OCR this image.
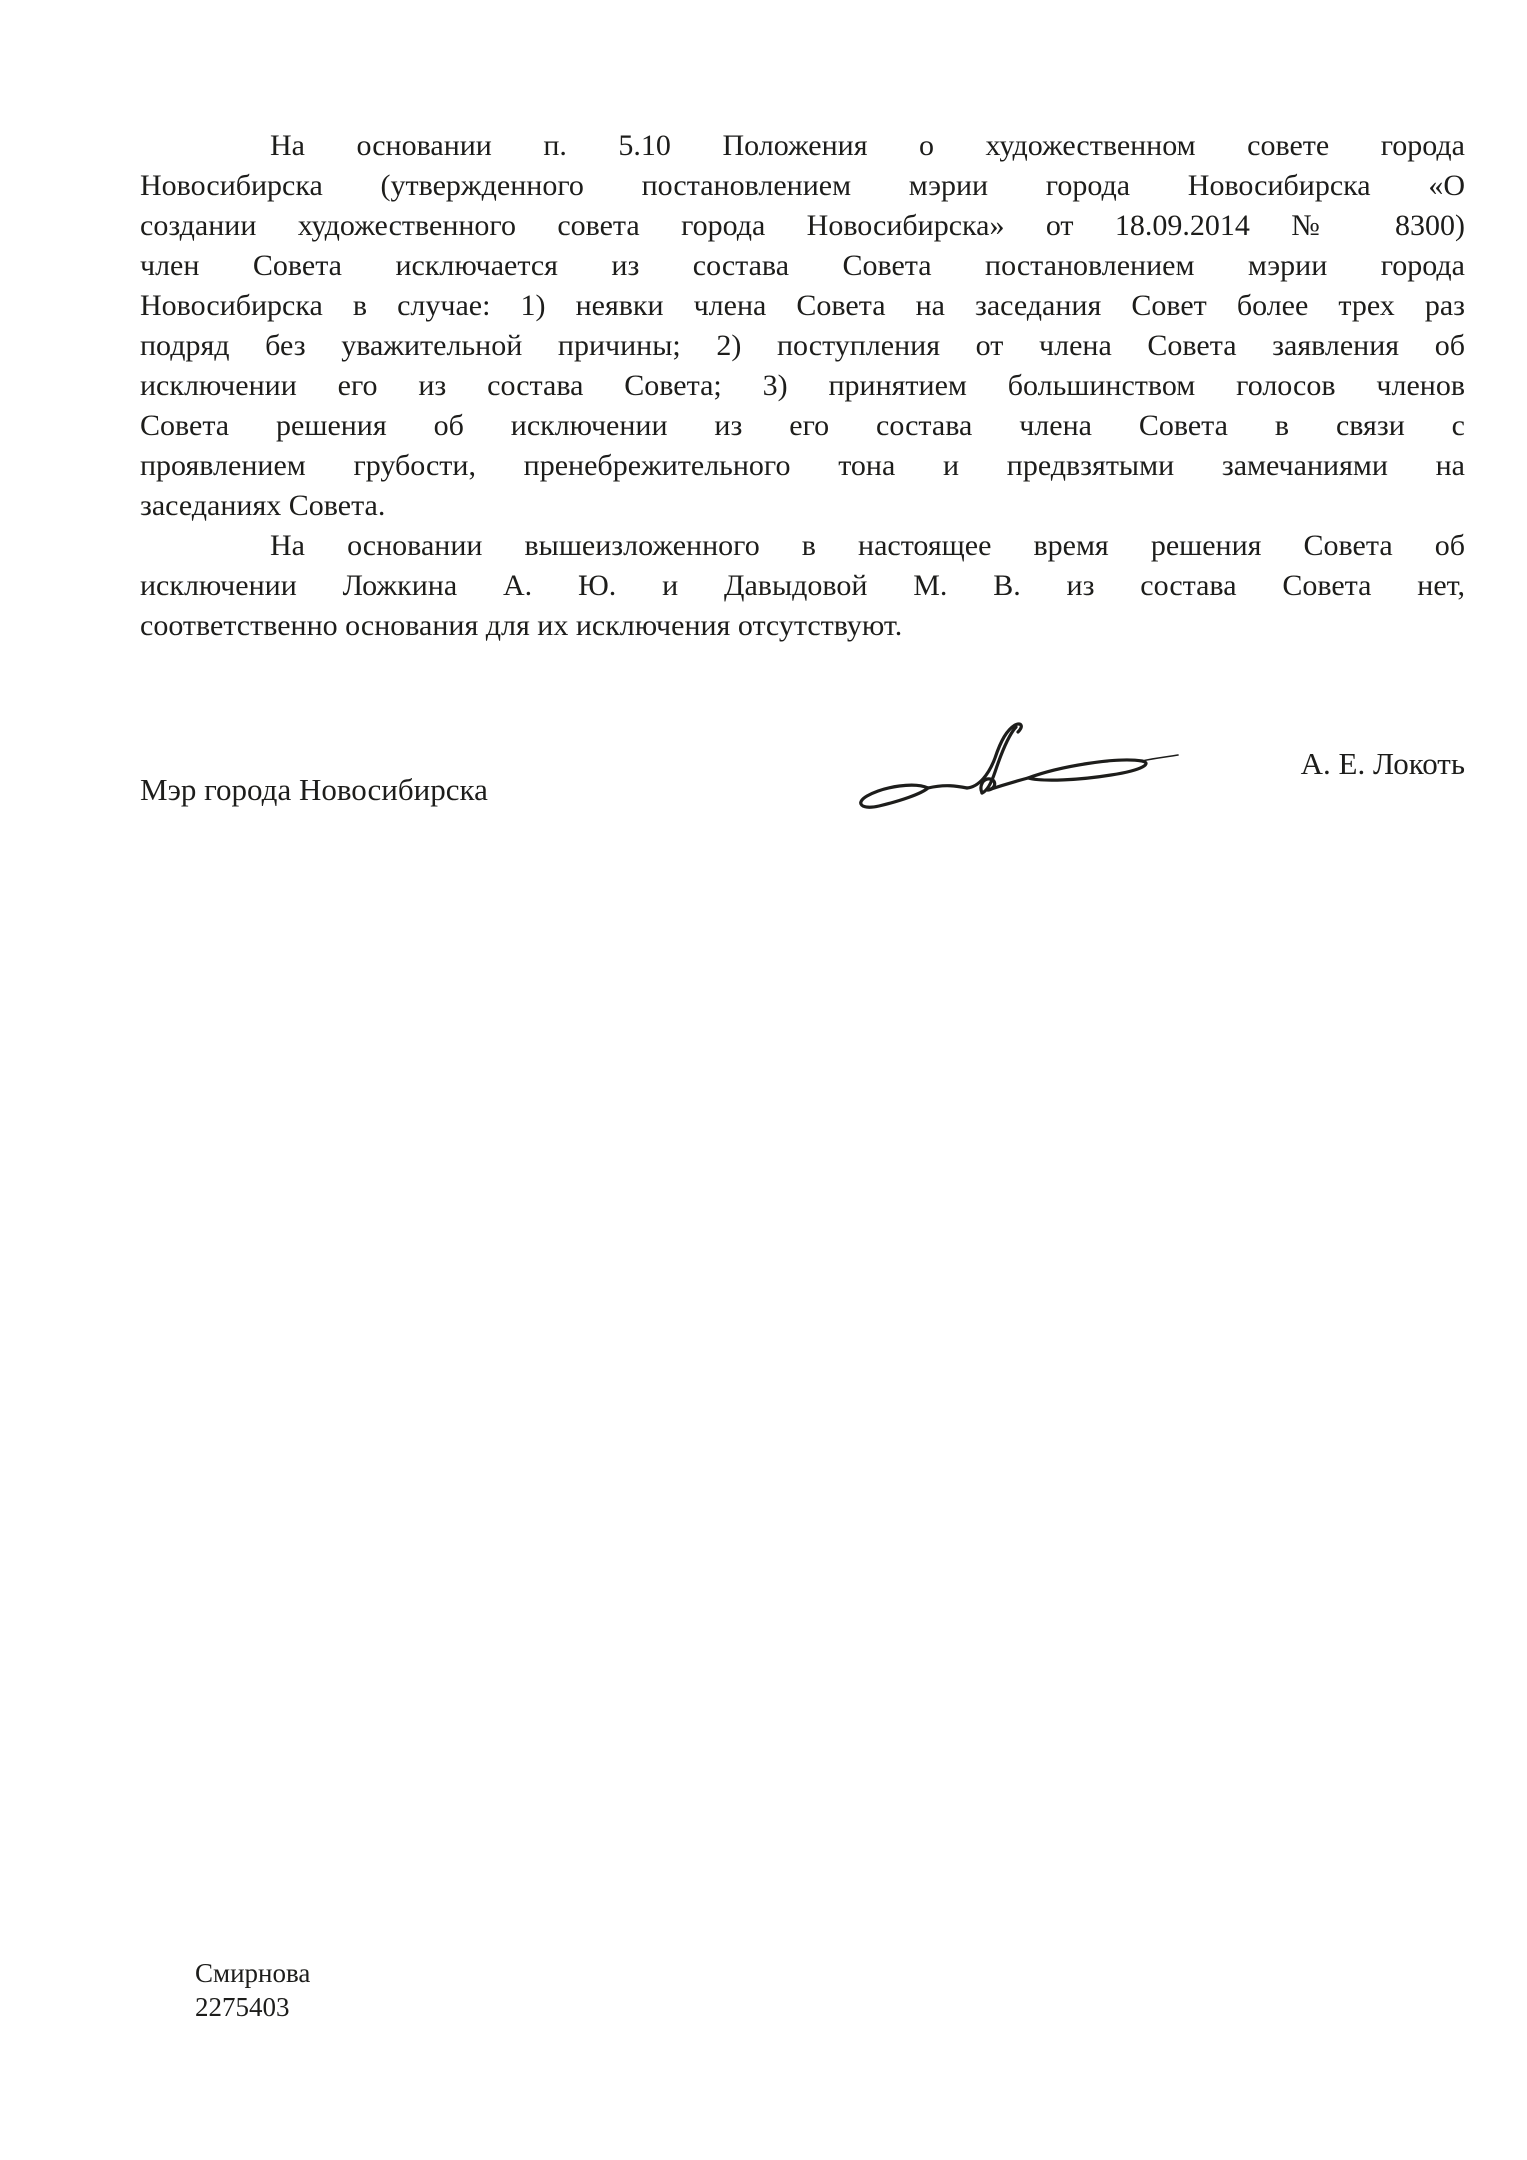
На основании п. 5.10 Положения о художественном совете города
Новосибирска (утвержденного постановлением мэрии города Новосибирска «О
создании художественного совета города Новосибирска» от 18.09.2014 № 8300)
член Совета исключается из состава Совета постановлением мэрии города
Новосибирска в случае: 1) неявки члена Совета на заседания Совет более трех раз
подряд без уважительной причины; 2) поступления от члена Совета заявления об
исключении его из состава Совета; 3) принятием большинством голосов членов
Совета решения об исключении из его состава члена Совета в связи с
проявлением грубости, пренебрежительного тона и предвзятыми замечаниями на
заседаниях Совета.
На основании вышеизложенного в настоящее время решения Совета об
исключении Ложкина А. Ю. и Давыдовой М. В. из состава Совета нет,
соответственно основания для их исключения отсутствуют.
Мэр города Новосибирска
А. Е. Локоть
Смирнова
2275403
